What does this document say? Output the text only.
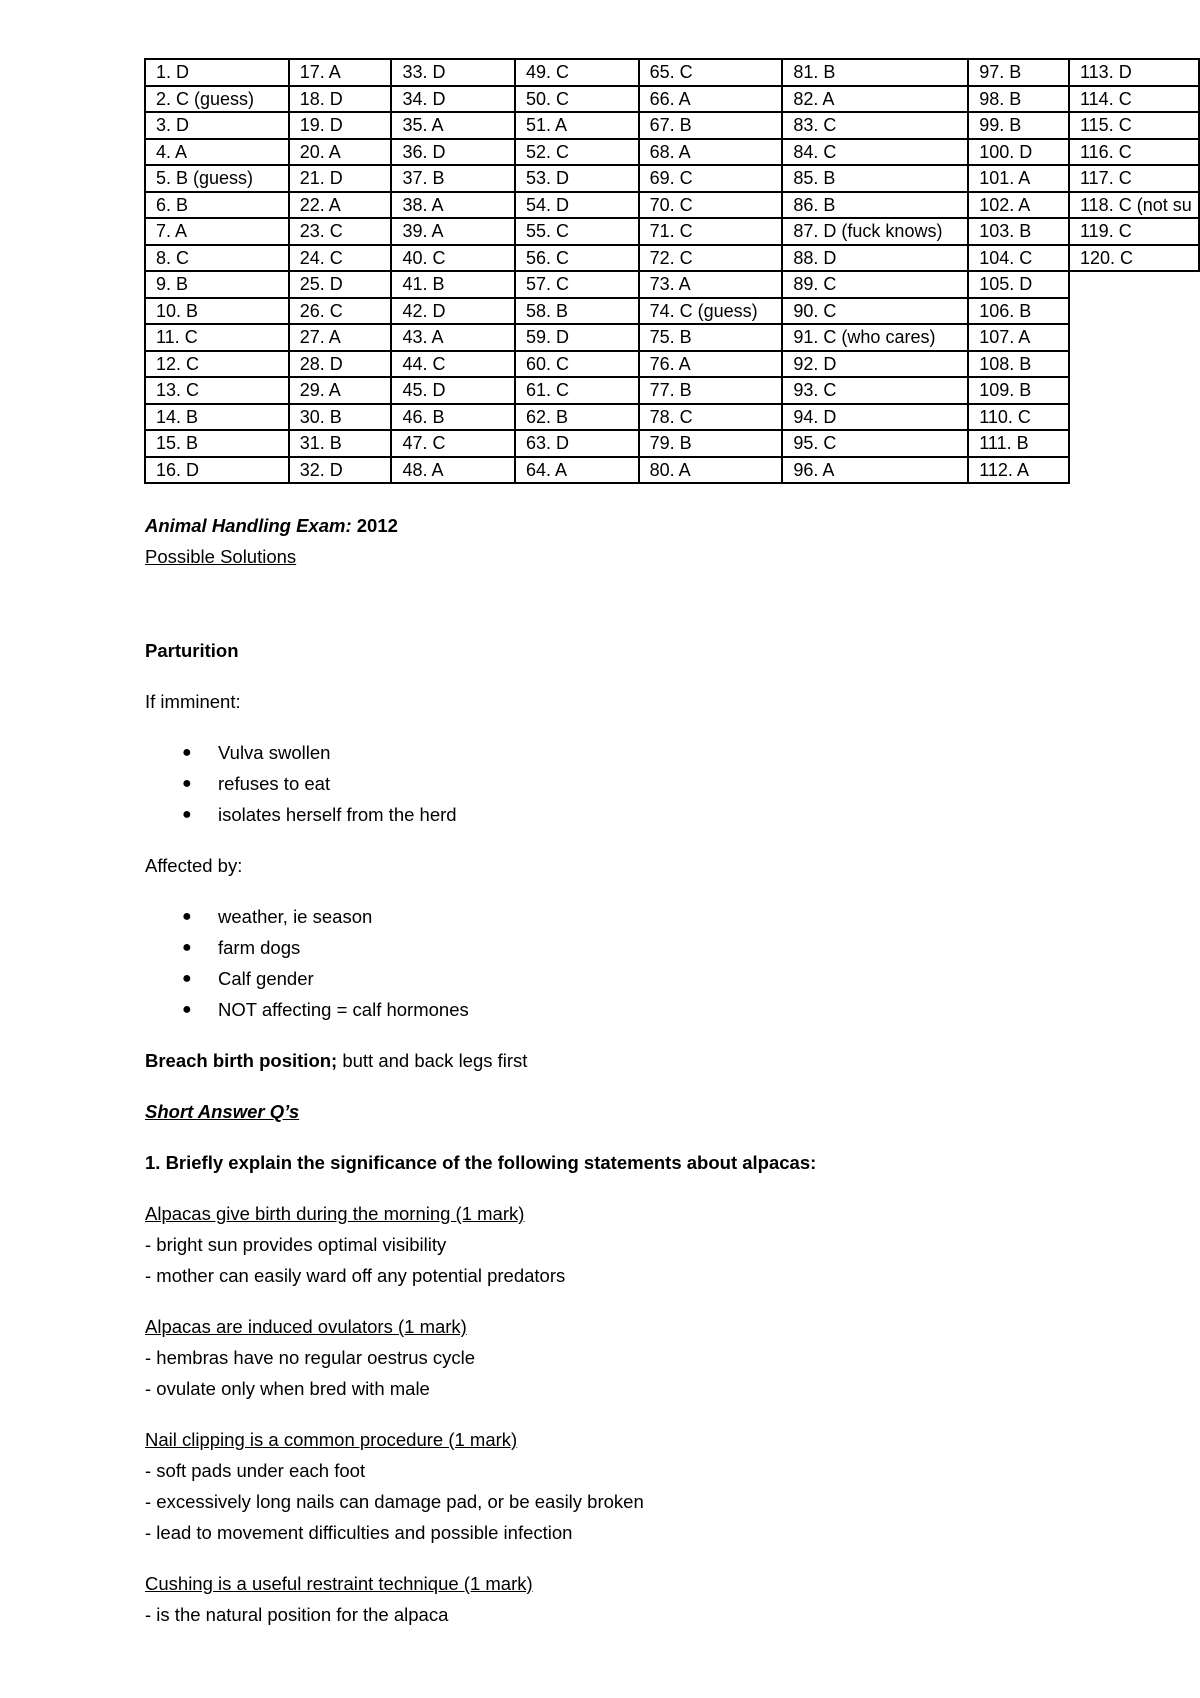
1. D	17. A	33. D	49. C	65. C	81. B	97. B	113. D
2. C (guess)	18. D	34. D	50. C	66. A	82. A	98. B	114. C
3. D	19. D	35. A	51. A	67. B	83. C	99. B	115. C
4. A	20. A	36. D	52. C	68. A	84. C	100. D	116. C
5. B (guess)	21. D	37. B	53. D	69. C	85. B	101. A	117. C
6. B	22. A	38. A	54. D	70. C	86. B	102. A	118. C (not su
7. A	23. C	39. A	55. C	71. C	87. D (fuck knows)	103. B	119. C
8. C	24. C	40. C	56. C	72. C	88. D	104. C	120. C
9. B	25. D	41. B	57. C	73. A	89. C	105. D	
10. B	26. C	42. D	58. B	74. C (guess)	90. C	106. B	
11. C	27. A	43. A	59. D	75. B	91. C (who cares)	107. A	
12. C	28. D	44. C	60. C	76. A	92. D	108. B	
13. C	29. A	45. D	61. C	77. B	93. C	109. B	
14. B	30. B	46. B	62. B	78. C	94. D	110. C	
15. B	31. B	47. C	63. D	79. B	95. C	111. B	
16. D	32. D	48. A	64. A	80. A	96. A	112. A	

Animal Handling Exam: 2012

Possible Solutions

Parturition

If imminent:

● Vulva swollen
● refuses to eat
● isolates herself from the herd

Affected by:

● weather, ie season
● farm dogs
● Calf gender
● NOT affecting = calf hormones

Breach birth position; butt and back legs first

Short Answer Q’s

1. Briefly explain the significance of the following statements about alpacas:

Alpacas give birth during the morning (1 mark)

- bright sun provides optimal visibility

- mother can easily ward off any potential predators

Alpacas are induced ovulators (1 mark)

- hembras have no regular oestrus cycle

- ovulate only when bred with male

Nail clipping is a common procedure (1 mark)

- soft pads under each foot

- excessively long nails can damage pad, or be easily broken

- lead to movement difficulties and possible infection

Cushing is a useful restraint technique (1 mark)

- is the natural position for the alpaca
